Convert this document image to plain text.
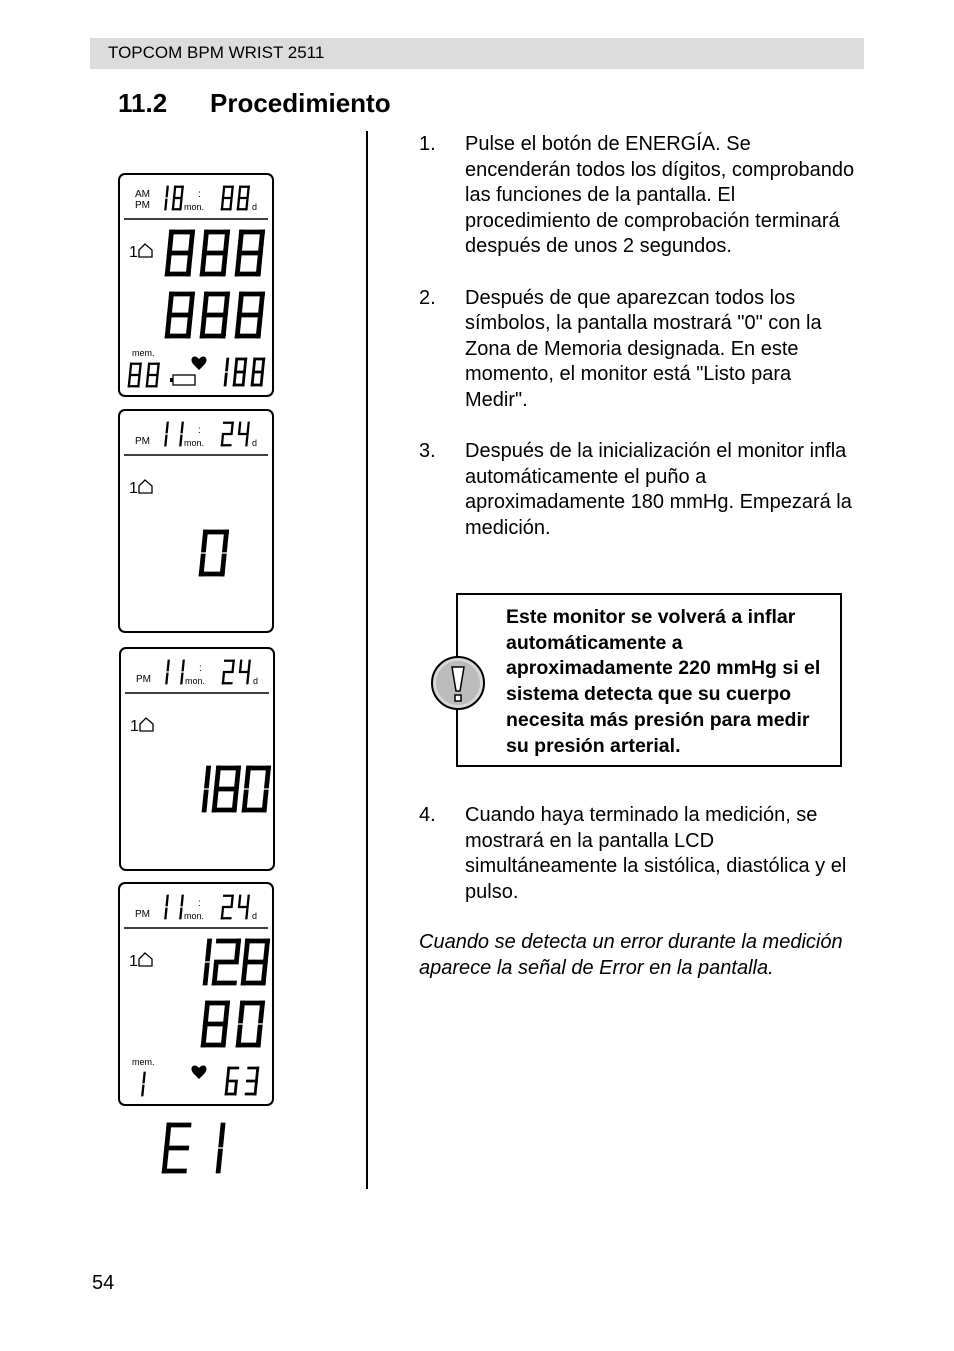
TOPCOM BPM WRIST 2511
11.2 Procedimiento
AM
PM
:
mon.	d
1
mem.
PM
:
mon.	d
1
PM
:
mon.	d
1
PM
:
mon.	d
1
mem.
1. Pulse el botón de ENERGÍA. Se encenderán todos los dígitos, comprobando las funciones de la pantalla. El procedimiento de comprobación terminará después de unos 2 segundos.
2. Después de que aparezcan todos los símbolos, la pantalla mostrará "0" con la Zona de Memoria designada. En este momento, el monitor está "Listo para Medir".
3. Después de la inicialización el monitor infla automáticamente el puño a aproximadamente 180 mmHg. Empezará la medición.
Este monitor se volverá a inflar automáticamente a aproximadamente 220 mmHg si el sistema detecta que su cuerpo necesita más presión para medir su presión arterial.
4. Cuando haya terminado la medición, se mostrará en la pantalla LCD simultáneamente la sistólica, diastólica y el pulso.
Cuando se detecta un error durante la medición aparece la señal de Error en la pantalla.
54
